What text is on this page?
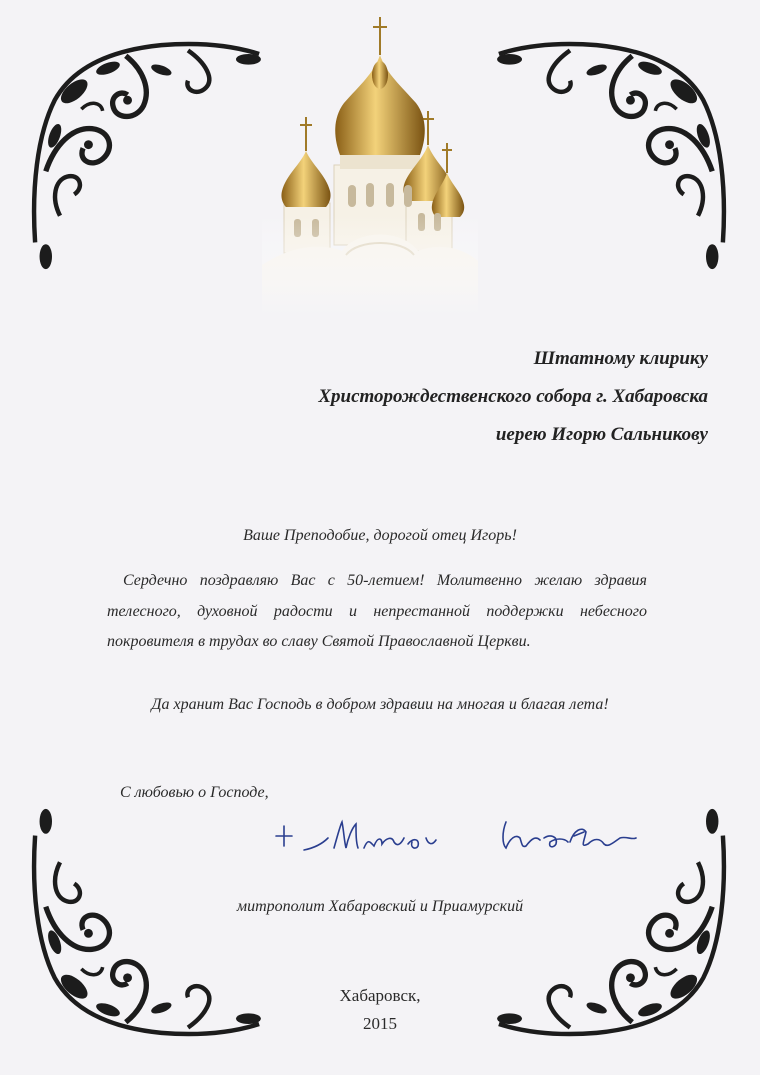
Штатному клирику
Христорождественского собора г. Хабаровска
иерею Игорю Сальникову
Ваше Преподобие, дорогой отец Игорь!

Сердечно поздравляю Вас с 50-летием! Молитвенно желаю здравия телесного, духовной радости и непрестанной поддержки небесного покровителя в трудах во славу Святой Православной Церкви.

Да хранит Вас Господь в добром здравии на многая и благая лета!
С любовью о Господе,
митрополит Хабаровский и Приамурский
Хабаровск,
2015
